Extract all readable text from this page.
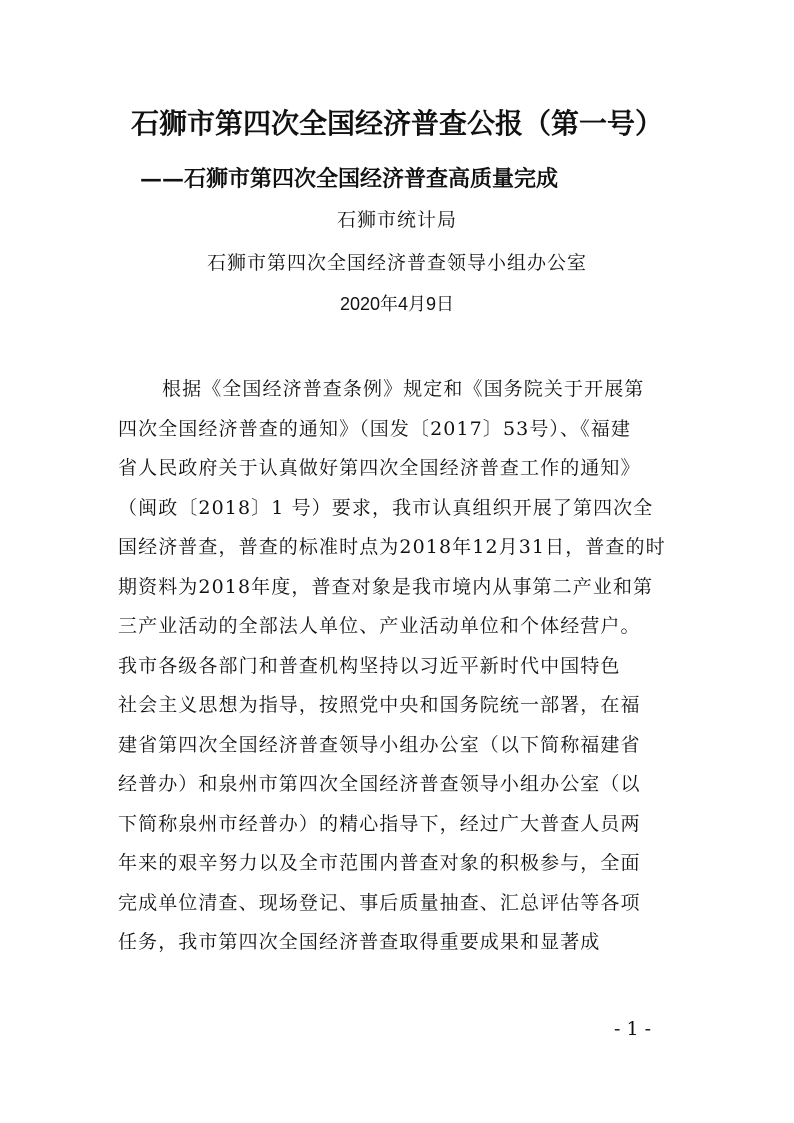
石狮市第四次全国经济普查公报（第一号）
——石狮市第四次全国经济普查高质量完成
石狮市统计局
石狮市第四次全国经济普查领导小组办公室
2020年4月9日
根据《全国经济普查条例》规定和《国务院关于开展第
四次全国经济普查的通知》（国发〔2017〕53号）、《福建
省人民政府关于认真做好第四次全国经济普查工作的通知》
（闽政〔2018〕1 号）要求，我市认真组织开展了第四次全
国经济普查，普查的标准时点为2018年12月31日，普查的时
期资料为2018年度，普查对象是我市境内从事第二产业和第
三产业活动的全部法人单位、产业活动单位和个体经营户。
我市各级各部门和普查机构坚持以习近平新时代中国特色
社会主义思想为指导，按照党中央和国务院统一部署，在福
建省第四次全国经济普查领导小组办公室（以下简称福建省
经普办）和泉州市第四次全国经济普查领导小组办公室（以
下简称泉州市经普办）的精心指导下，经过广大普查人员两
年来的艰辛努力以及全市范围内普查对象的积极参与，全面
完成单位清查、现场登记、事后质量抽查、汇总评估等各项
任务，我市第四次全国经济普查取得重要成果和显著成
- 1 -
